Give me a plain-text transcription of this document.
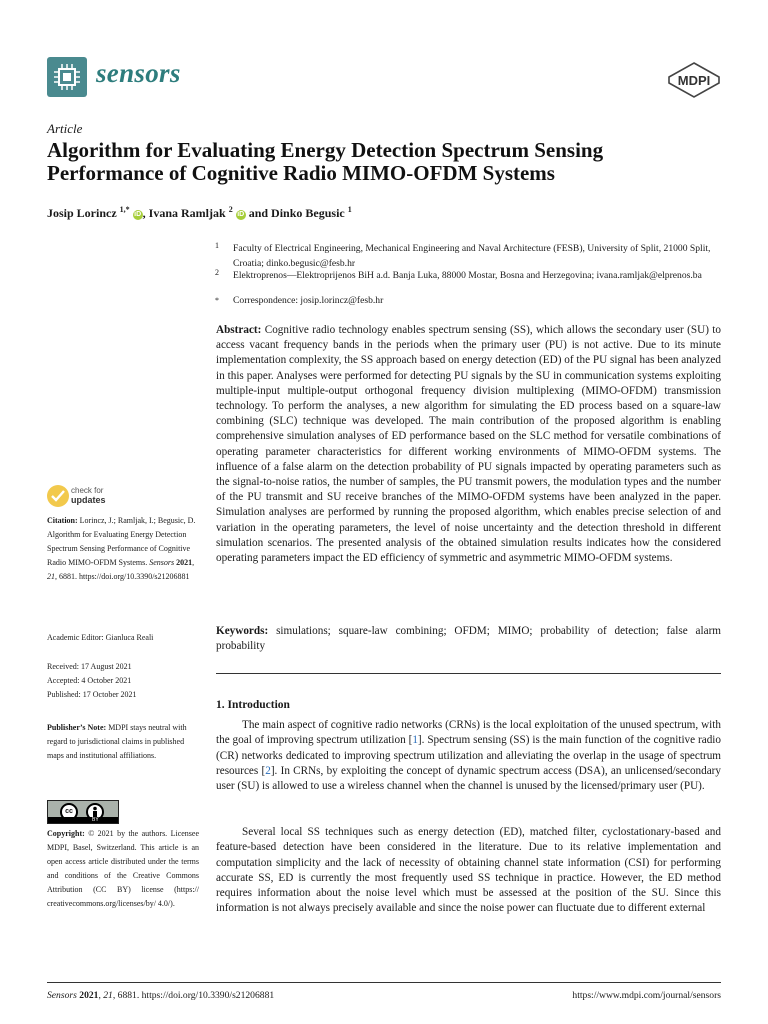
sensors	MDPI
Article
Algorithm for Evaluating Energy Detection Spectrum Sensing
Performance of Cognitive Radio MIMO-OFDM Systems
Josip Lorincz $^{1,*}$ iD , Ivana Ramljak $^2$ iD and Dinko Begusic $^1$
1 Faculty of Electrical Engineering, Mechanical Engineering and Naval Architecture (FESB), University of Split, 21000 Split, Croatia; dinko.begusic@fesb.hr
2 Elektroprenos—Elektroprijenos BiH a.d. Banja Luka, 88000 Mostar, Bosna and Herzegovina; ivana.ramljak@elprenos.ba
* Correspondence: josip.lorincz@fesb.hr
Abstract: Cognitive radio technology enables spectrum sensing (SS), which allows the secondary user (SU) to access vacant frequency bands in the periods when the primary user (PU) is not active. Due to its minute implementation complexity, the SS approach based on energy detection (ED) of the PU signal has been analyzed in this paper. Analyses were performed for detecting PU signals by the SU in communication systems exploiting multiple-input multiple-output orthogonal frequency division multiplexing (MIMO-OFDM) transmission technology. To perform the analyses, a new algorithm for simulating the ED process based on a square-law combining (SLC) technique was developed. The main contribution of the proposed algorithm is enabling comprehensive simulation analyses of ED performance based on the SLC method for versatile combinations of operating parameter characteristics for different working environments of MIMO-OFDM systems. The influence of a false alarm on the detection probability of PU signals impacted by operating parameters such as the signal-to-noise ratios, the number of samples, the PU transmit powers, the modulation types and the number of the PU transmit and SU receive branches of the MIMO-OFDM systems have been analyzed in the paper. Simulation analyses are performed by running the proposed algorithm, which enables precise selection of and variation in the operating parameters, the level of noise uncertainty and the detection threshold in different simulation scenarios. The presented analysis of the obtained simulation results indicates how the considered operating parameters impact the ED efficiency of symmetric and asymmetric MIMO-OFDM systems.
Keywords: simulations; square-law combining; OFDM; MIMO; probability of detection; false alarm probability
1. Introduction
The main aspect of cognitive radio networks (CRNs) is the local exploitation of the unused spectrum, with the goal of improving spectrum utilization [1]. Spectrum sensing (SS) is the main function of the cognitive radio (CR) networks dedicated to improving spectrum utilization and alleviating the overlap in the usage of spectrum resources [2]. In CRNs, by exploiting the concept of dynamic spectrum access (DSA), an unlicensed/secondary user (SU) is allowed to use a wireless channel when the channel is unused by the licensed/primary user (PU).
Several local SS techniques such as energy detection (ED), matched filter, cyclostationary-based and feature-based detection have been considered in the literature. Due to its relative implementation and computation simplicity and the lack of necessity of obtaining channel state information (CSI) for performing accurate SS, ED is currently the most frequently used SS technique in practice. However, the ED method requires information about the noise level which must be assessed at the position of the SU. Since this information is not always precisely available and since the noise power can fluctuate due to different external
check for
updates
Citation: Lorincz, J.; Ramljak, I.; Begusic, D. Algorithm for Evaluating Energy Detection Spectrum Sensing Performance of Cognitive Radio MIMO-OFDM Systems. Sensors 2021, 21, 6881. https://doi.org/10.3390/s21206881
Academic Editor: Gianluca Reali
Received: 17 August 2021
Accepted: 4 October 2021
Published: 17 October 2021
Publisher’s Note: MDPI stays neutral with regard to jurisdictional claims in published maps and institutional affiliations.
cc
BY
Copyright: © 2021 by the authors. Licensee MDPI, Basel, Switzerland. This article is an open access article distributed under the terms and conditions of the Creative Commons Attribution (CC BY) license (https:// creativecommons.org/licenses/by/ 4.0/).
Sensors 2021, 21, 6881. https://doi.org/10.3390/s21206881	https://www.mdpi.com/journal/sensors
